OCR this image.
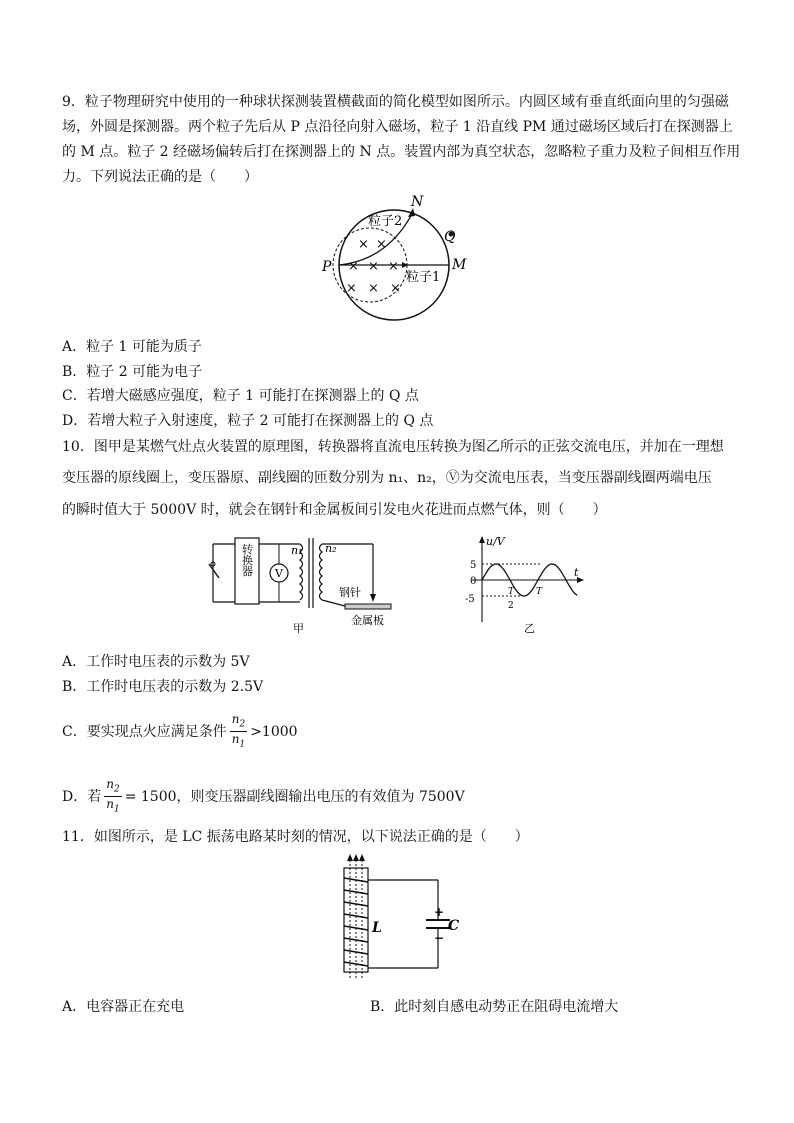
9．粒子物理研究中使用的一种球状探测装置横截面的简化模型如图所示。内圆区域有垂直纸面向里的匀强磁
场，外圆是探测器。两个粒子先后从 P 点沿径向射入磁场，粒子 1 沿直线 PM 通过磁场区域后打在探测器上
的 M 点。粒子 2 经磁场偏转后打在探测器上的 N 点。装置内部为真空状态，忽略粒子重力及粒子间相互作用
力。下列说法正确的是（　　）
× ×
× × ×
× × ×
P	M
N
Q
粒子2
粒子1
A．粒子 1 可能为质子
B．粒子 2 可能为电子
C．若增大磁感应强度，粒子 1 可能打在探测器上的 Q 点
D．若增大粒子入射速度，粒子 2 可能打在探测器上的 Q 点
10．图甲是某燃气灶点火装置的原理图，转换器将直流电压转换为图乙所示的正弦交流电压，并加在一理想
变压器的原线圈上，变压器原、副线圈的匝数分别为 n₁、n₂，Ⓥ为交流电压表，当变压器副线圈两端电压
的瞬时值大于 5000V 时，就会在钢针和金属板间引发电火花进而点燃气体，则（　　）
转换器 V
n₁ n₂
钢针
金属板
甲
u/V
t
5
0
-5
T
2
T
乙
A．工作时电压表的示数为 5V
B．工作时电压表的示数为 2.5V
C．要实现点火应满足条件 $\frac{n_2}{n_1} >1000$
D．若 $\frac{n_2}{n_1} = 1500$，则变压器副线圈输出电压的有效值为 7500V
11．如图所示，是 LC 振荡电路某时刻的情况，以下说法正确的是（　　）
+
−
L	C
A．电容器正在充电	B．此时刻自感电动势正在阻碍电流增大
